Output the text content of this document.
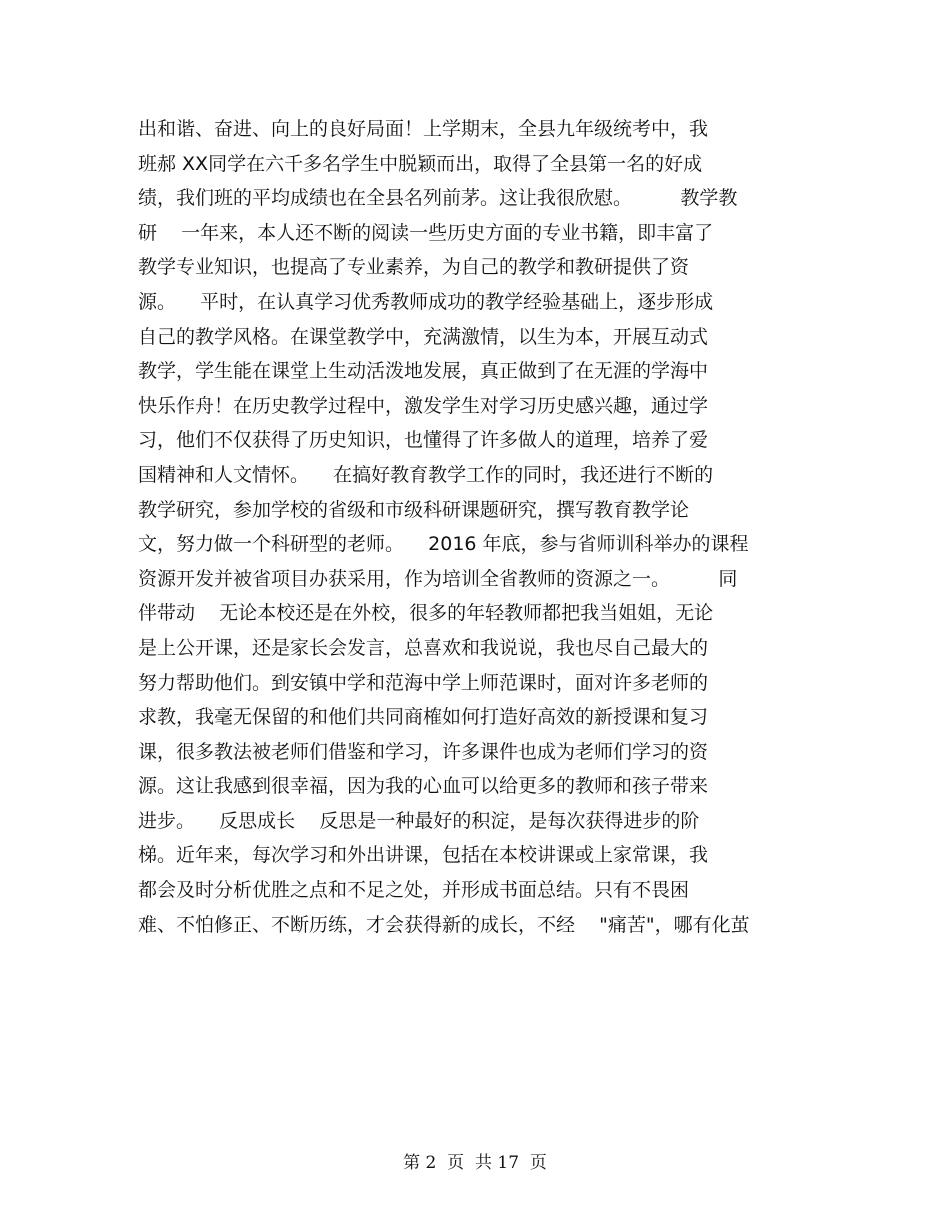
出和谐、奋进、向上的良好局面！上学期末，全县九年级统考中，我
班郝 XX同学在六千多名学生中脱颖而出，取得了全县第一名的好成
绩，我们班的平均成绩也在全县名列前茅。这让我很欣慰。        教学教
研    一年来，本人还不断的阅读一些历史方面的专业书籍，即丰富了
教学专业知识，也提高了专业素养，为自己的教学和教研提供了资
源。    平时，在认真学习优秀教师成功的教学经验基础上，逐步形成
自己的教学风格。在课堂教学中，充满激情，以生为本，开展互动式
教学，学生能在课堂上生动活泼地发展，真正做到了在无涯的学海中
快乐作舟！在历史教学过程中，激发学生对学习历史感兴趣，通过学
习，他们不仅获得了历史知识，也懂得了许多做人的道理，培养了爱
国精神和人文情怀。    在搞好教育教学工作的同时，我还进行不断的
教学研究，参加学校的省级和市级科研课题研究，撰写教育教学论
文，努力做一个科研型的老师。    2016 年底，参与省师训科举办的课程
资源开发并被省项目办获采用，作为培训全省教师的资源之一。        同
伴带动    无论本校还是在外校，很多的年轻教师都把我当姐姐，无论
是上公开课，还是家长会发言，总喜欢和我说说，我也尽自己最大的
努力帮助他们。到安镇中学和范海中学上师范课时，面对许多老师的
求教，我毫无保留的和他们共同商榷如何打造好高效的新授课和复习
课，很多教法被老师们借鉴和学习，许多课件也成为老师们学习的资
源。这让我感到很幸福，因为我的心血可以给更多的教师和孩子带来
进步。    反思成长    反思是一种最好的积淀，是每次获得进步的阶
梯。近年来，每次学习和外出讲课，包括在本校讲课或上家常课，我
都会及时分析优胜之点和不足之处，并形成书面总结。只有不畏困
难、不怕修正、不断历练，才会获得新的成长，不经    "痛苦"，哪有化茧
第 2  页  共 17  页
